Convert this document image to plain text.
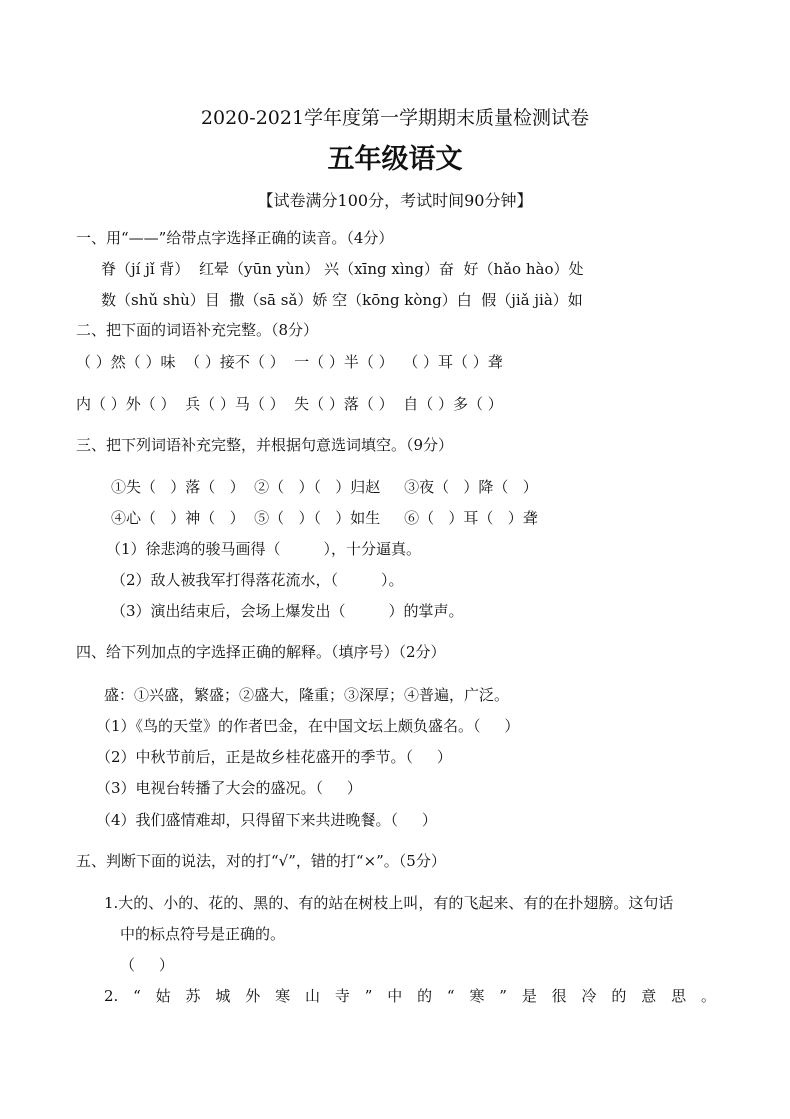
2020-2021学年度第一学期期末质量检测试卷
五年级语文
【试卷满分100分，考试时间90分钟】
一、用“——”给带点字选择正确的读音。（4分）
脊（jí jǐ 背）  红晕（yūn yùn） 兴（xīng xìng）奋  好（hǎo hào）处
数（shǔ shù）目  撒（sā sǎ）娇 空（kōng kòng）白  假（jiǎ jià）如
二、把下面的词语补充完整。（8分）
（ ）然（ ）味  （ ）接不（ ）  一（ ）半（ ）  （ ）耳（ ）聋
内（ ）外（ ）  兵（ ）马（ ）  失（ ）落（ ）  自（ ）多（ ）
三、把下列词语补充完整，并根据句意选词填空。（9分）
①失（   ）落（   ）  ②（   ）（   ）归赵     ③夜（   ）降（   ）
④心（   ）神（   ）  ⑤（   ）（   ）如生     ⑥（   ）耳（   ）聋
（1）徐悲鸿的骏马画得（         ），十分逼真。
（2）敌人被我军打得落花流水，（         ）。
（3）演出结束后，会场上爆发出（         ）的掌声。
四、给下列加点的字选择正确的解释。（填序号）（2分）
盛：①兴盛，繁盛；②盛大，隆重；③深厚；④普遍，广泛。
（1）《鸟的天堂》的作者巴金，在中国文坛上颇负盛名。（     ）
（2）中秋节前后，正是故乡桂花盛开的季节。（     ）
（3）电视台转播了大会的盛况。（     ）
（4）我们盛情难却，只得留下来共进晚餐。（     ）
五、判断下面的说法，对的打“√”，错的打“×”。（5分）
1.大的、小的、花的、黑的、有的站在树枝上叫，有的飞起来、有的在扑翅膀。这句话
中的标点符号是正确的。
（     ）
2. “ 姑 苏 城 外 寒 山 寺 ” 中 的 “ 寒 ” 是 很 冷 的 意 思 。
